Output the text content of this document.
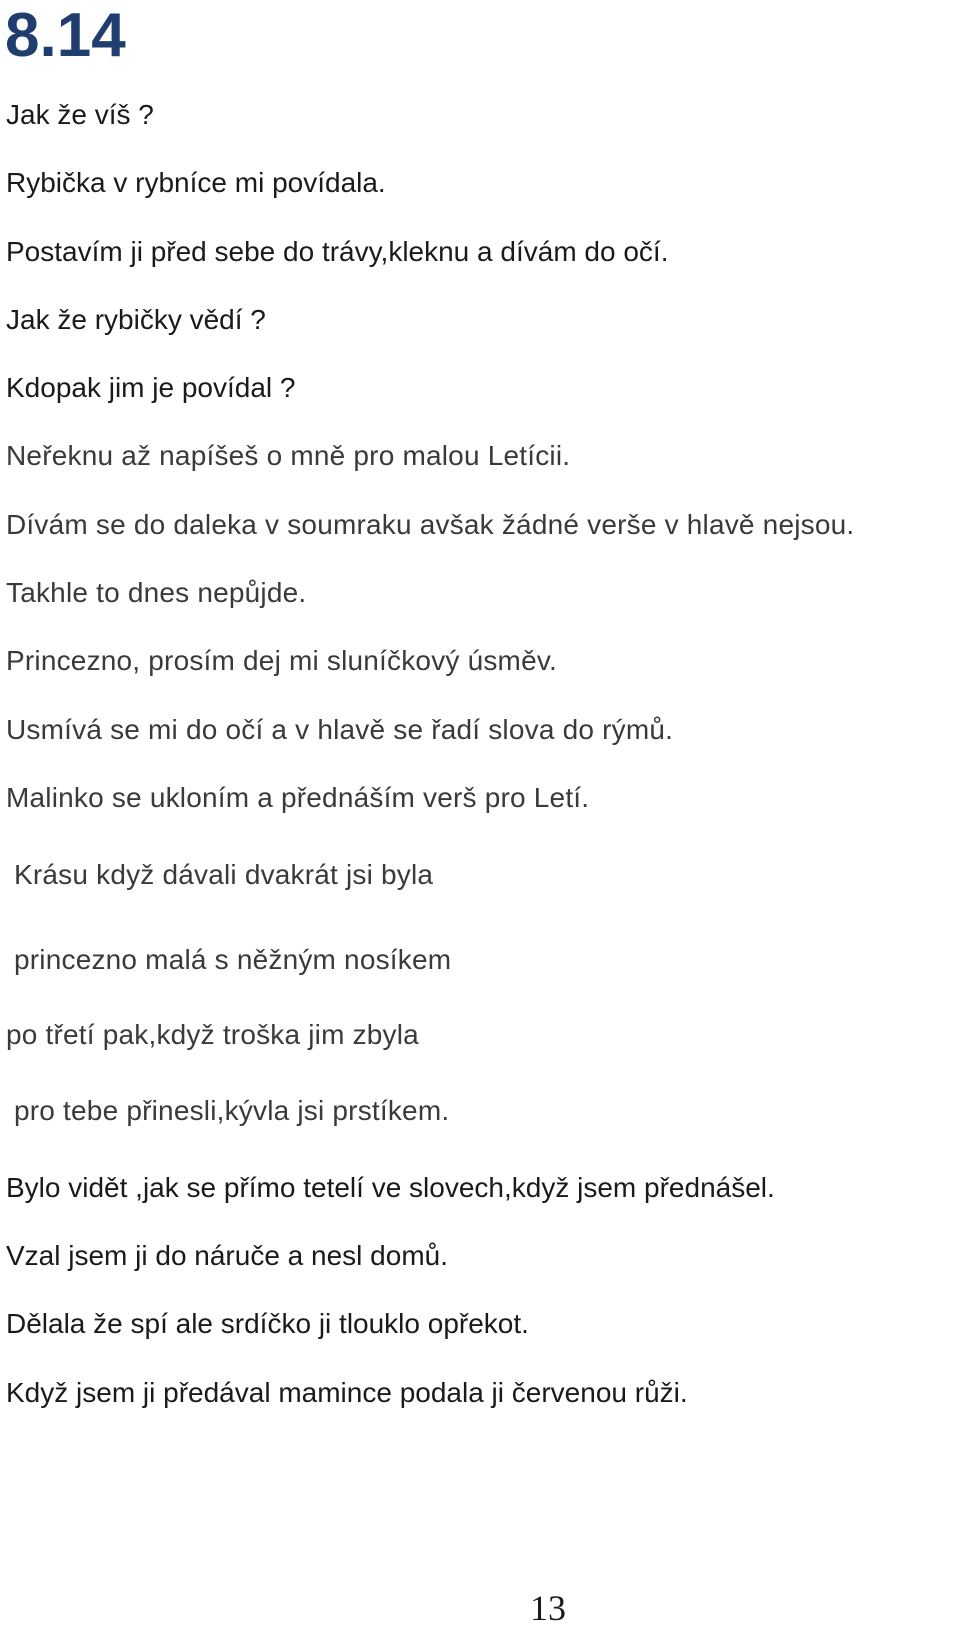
8.14

Jak že víš ?

Rybička v rybníce mi povídala.

Postavím ji před sebe do trávy,kleknu a dívám do očí.

Jak že rybičky vědí ?

Kdopak jim je povídal ?

Neřeknu až napíšeš o mně pro malou Letícii.

Dívám se do daleka v soumraku avšak žádné verše v hlavě nejsou.

Takhle to dnes nepůjde.

Princezno, prosím dej mi sluníčkový úsměv.

Usmívá se mi do očí a v hlavě se řadí slova do rýmů.

Malinko se ukloním a přednáším verš pro Letí.

Krásu když dávali dvakrát jsi byla

princezno malá s něžným nosíkem

po třetí pak,když troška jim zbyla

pro tebe přinesli,kývla jsi prstíkem.

Bylo vidět ,jak se přímo tetelí ve slovech,když jsem přednášel.

Vzal jsem ji do náruče a nesl domů.

Dělala že spí ale srdíčko ji tlouklo opřekot.

Když jsem ji předával mamince podala ji červenou růži.

13
